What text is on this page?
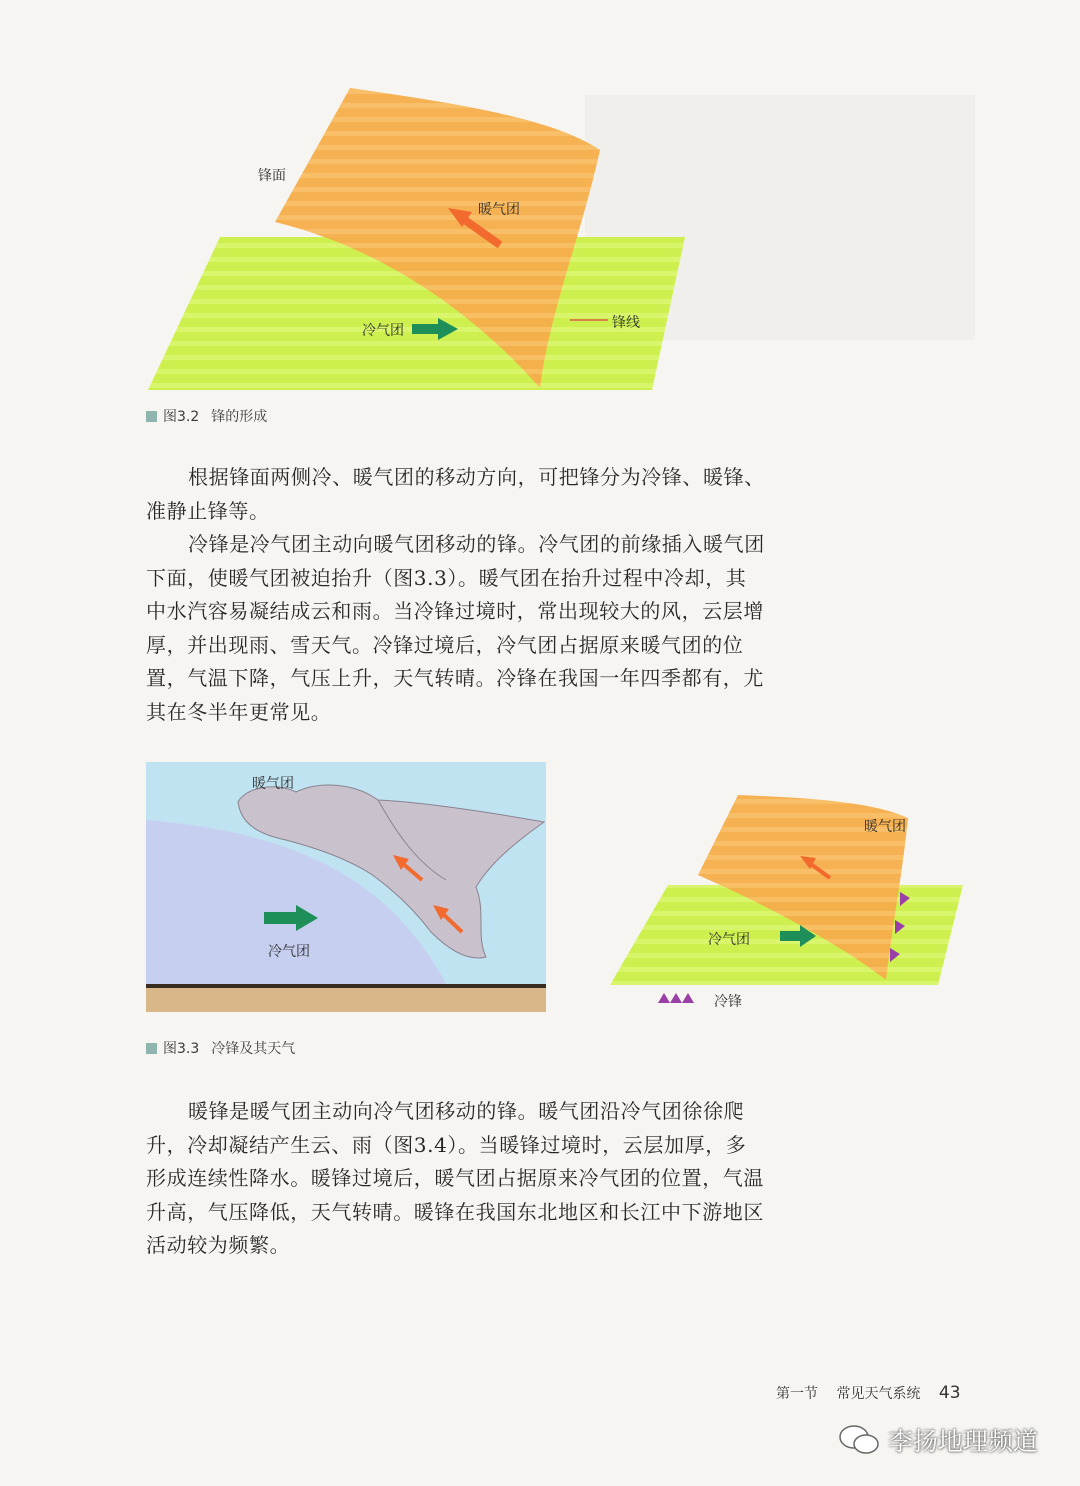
锋面
暖气团
冷气团	锋线
图3.2 锋的形成
根据锋面两侧冷、暖气团的移动方向，可把锋分为冷锋、暖锋、准静止锋等。
冷锋是冷气团主动向暖气团移动的锋。冷气团的前缘插入暖气团下面，使暖气团被迫抬升（图3.3）。暖气团在抬升过程中冷却，其中水汽容易凝结成云和雨。当冷锋过境时，常出现较大的风，云层增厚，并出现雨、雪天气。冷锋过境后，冷气团占据原来暖气团的位置，气温下降，气压上升，天气转晴。冷锋在我国一年四季都有，尤其在冬半年更常见。
暖气团
冷气团
暖气团
冷气团
冷锋
图3.3 冷锋及其天气
暖锋是暖气团主动向冷气团移动的锋。暖气团沿冷气团徐徐爬升，冷却凝结产生云、雨（图3.4）。当暖锋过境时，云层加厚，多形成连续性降水。暖锋过境后，暖气团占据原来冷气团的位置，气温升高，气压降低，天气转晴。暖锋在我国东北地区和长江中下游地区活动较为频繁。
第一节 常见天气系统 43
李扬地理频道
